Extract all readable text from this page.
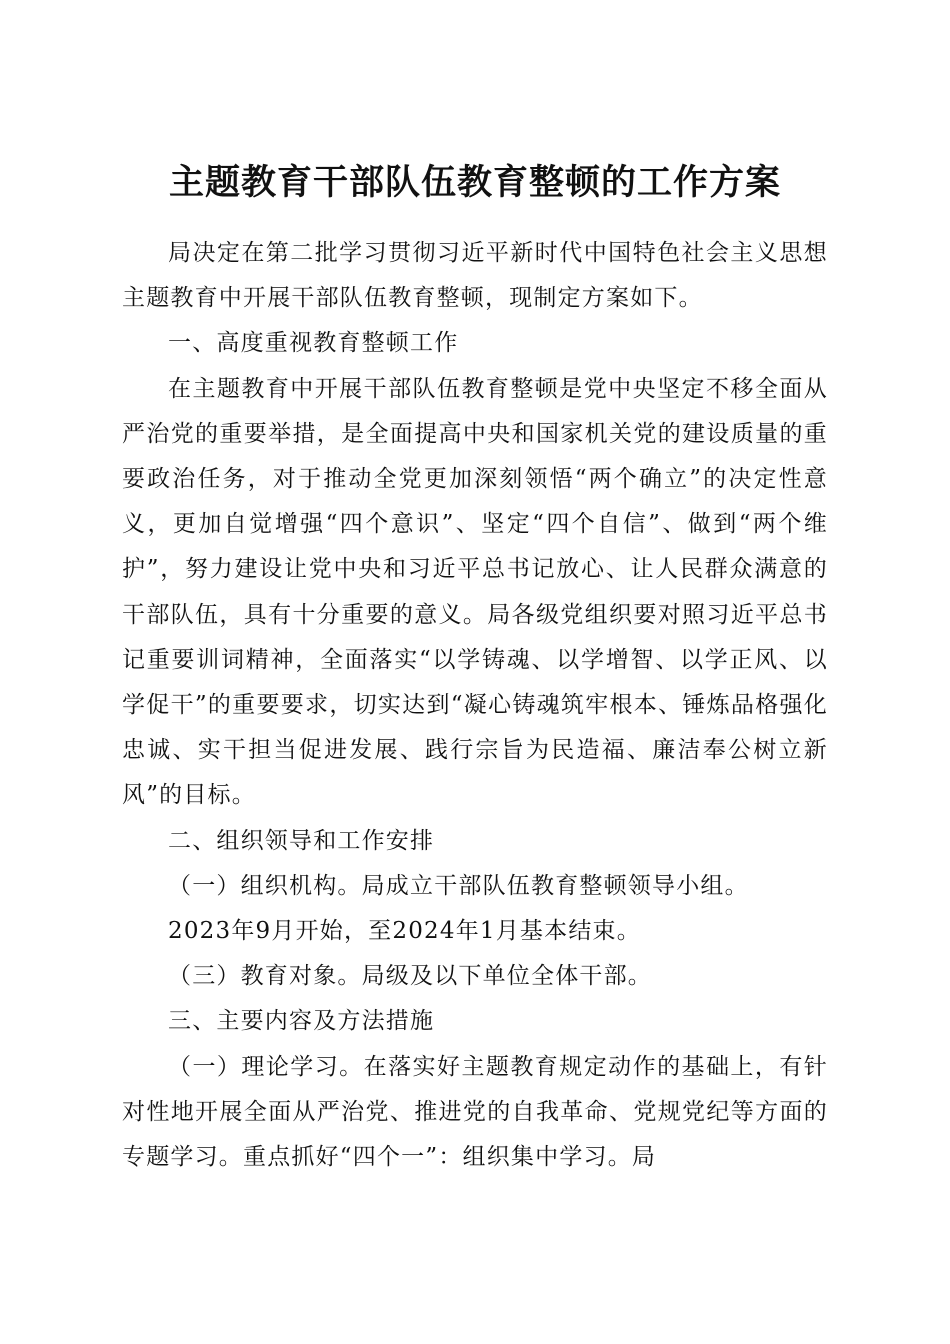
主题教育干部队伍教育整顿的工作方案

局决定在第二批学习贯彻习近平新时代中国特色社会主义思想主题教育中开展干部队伍教育整顿，现制定方案如下。

一、高度重视教育整顿工作

在主题教育中开展干部队伍教育整顿是党中央坚定不移全面从严治党的重要举措，是全面提高中央和国家机关党的建设质量的重要政治任务，对于推动全党更加深刻领悟“两个确立”的决定性意义，更加自觉增强“四个意识”、坚定“四个自信”、做到“两个维护”，努力建设让党中央和习近平总书记放心、让人民群众满意的干部队伍，具有十分重要的意义。局各级党组织要对照习近平总书记重要训词精神，全面落实“以学铸魂、以学增智、以学正风、以学促干”的重要要求，切实达到“凝心铸魂筑牢根本、锤炼品格强化忠诚、实干担当促进发展、践行宗旨为民造福、廉洁奉公树立新风”的目标。

二、组织领导和工作安排

（一）组织机构。局成立干部队伍教育整顿领导小组。

2023年9月开始，至2024年1月基本结束。

（三）教育对象。局级及以下单位全体干部。

三、主要内容及方法措施

（一）理论学习。在落实好主题教育规定动作的基础上，有针对性地开展全面从严治党、推进党的自我革命、党规党纪等方面的专题学习。重点抓好“四个一”：组织集中学习。局
